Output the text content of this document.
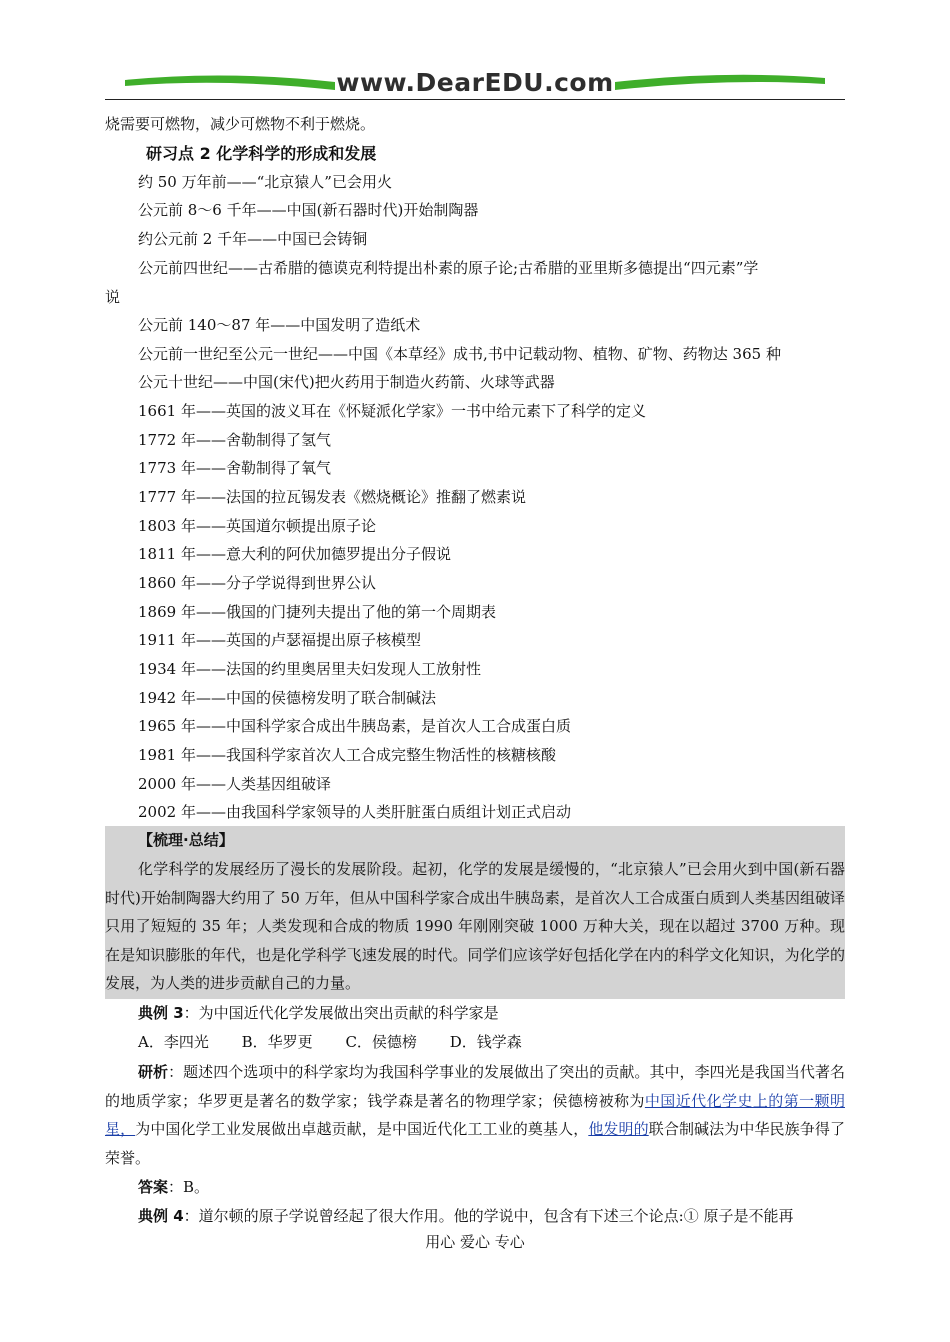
www.DearEDU.com
烧需要可燃物，减少可燃物不利于燃烧。
研习点 2 化学科学的形成和发展
约 50 万年前——“北京猿人”已会用火
公元前 8～6 千年——中国(新石器时代)开始制陶器
约公元前 2 千年——中国已会铸铜
公元前四世纪——古希腊的德谟克利特提出朴素的原子论;古希腊的亚里斯多德提出“四元素”学
说
公元前 140～87 年——中国发明了造纸术
公元前一世纪至公元一世纪——中国《本草经》成书,书中记载动物、植物、矿物、药物达 365 种
公元十世纪——中国(宋代)把火药用于制造火药箭、火球等武器
1661 年——英国的波义耳在《怀疑派化学家》一书中给元素下了科学的定义
1772 年——舍勒制得了氢气
1773 年——舍勒制得了氧气
1777 年——法国的拉瓦锡发表《燃烧概论》推翻了燃素说
1803 年——英国道尔顿提出原子论
1811 年——意大利的阿伏加德罗提出分子假说
1860 年——分子学说得到世界公认
1869 年——俄国的门捷列夫提出了他的第一个周期表
1911 年——英国的卢瑟福提出原子核模型
1934 年——法国的约里奥居里夫妇发现人工放射性
1942 年——中国的侯德榜发明了联合制碱法
1965 年——中国科学家合成出牛胰岛素，是首次人工合成蛋白质
1981 年——我国科学家首次人工合成完整生物活性的核糖核酸
2000 年——人类基因组破译
2002 年——由我国科学家领导的人类肝脏蛋白质组计划正式启动
【梳理·总结】
化学科学的发展经历了漫长的发展阶段。起初，化学的发展是缓慢的，“北京猿人”已会用火到中国(新石器时代)开始制陶器大约用了 50 万年，但从中国科学家合成出牛胰岛素，是首次人工合成蛋白质到人类基因组破译只用了短短的 35 年；人类发现和合成的物质 1990 年刚刚突破 1000 万种大关，现在以超过 3700 万种。现在是知识膨胀的年代，也是化学科学飞速发展的时代。同学们应该学好包括化学在内的科学文化知识，为化学的发展，为人类的进步贡献自己的力量。
典例 3：为中国近代化学发展做出突出贡献的科学家是
A．李四光 B．华罗更 C．侯德榜 D．钱学森
研析：题述四个选项中的科学家均为我国科学事业的发展做出了突出的贡献。其中，李四光是我国当代著名的地质学家；华罗更是著名的数学家；钱学森是著名的物理学家；侯德榜被称为中国近代化学史上的第一颗明星，为中国化学工业发展做出卓越贡献，是中国近代化工工业的奠基人，他发明的联合制碱法为中华民族争得了荣誉。
答案：B。
典例 4：道尔顿的原子学说曾经起了很大作用。他的学说中，包含有下述三个论点:① 原子是不能再
用心 爱心 专心
